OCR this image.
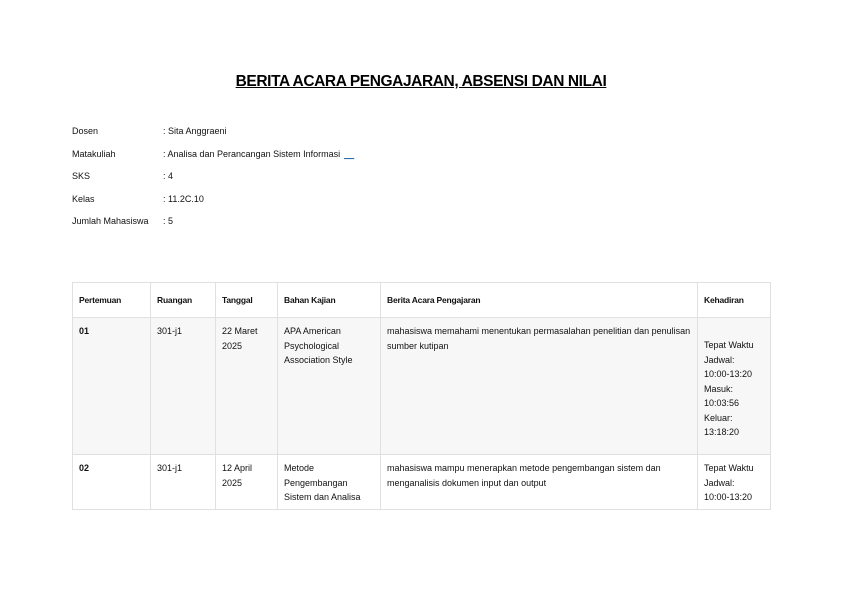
BERITA ACARA PENGAJARAN, ABSENSI DAN NILAI
Dosen	: Sita Anggraeni
Matakuliah	: Analisa dan Perancangan Sistem Informasi __
SKS	: 4
Kelas	: 11.2C.10
Jumlah Mahasiswa : 5
Pertemuan	Ruangan	Tanggal	Bahan Kajian	Berita Acara Pengajaran	Kehadiran
01	301-j1	22 Maret 2025	APA American Psychological Association Style	mahasiswa memahami menentukan permasalahan penelitian dan penulisan sumber kutipan	Tepat Waktu
Jadwal:
10:00-13:20
Masuk:
10:03:56
Keluar:
13:18:20

02	301-j1	12 April 2025	Metode Pengembangan Sistem dan Analisa	mahasiswa mampu menerapkan metode pengembangan sistem dan menganalisis dokumen input dan output	Tepat Waktu
Jadwal:
10:00-13:20
